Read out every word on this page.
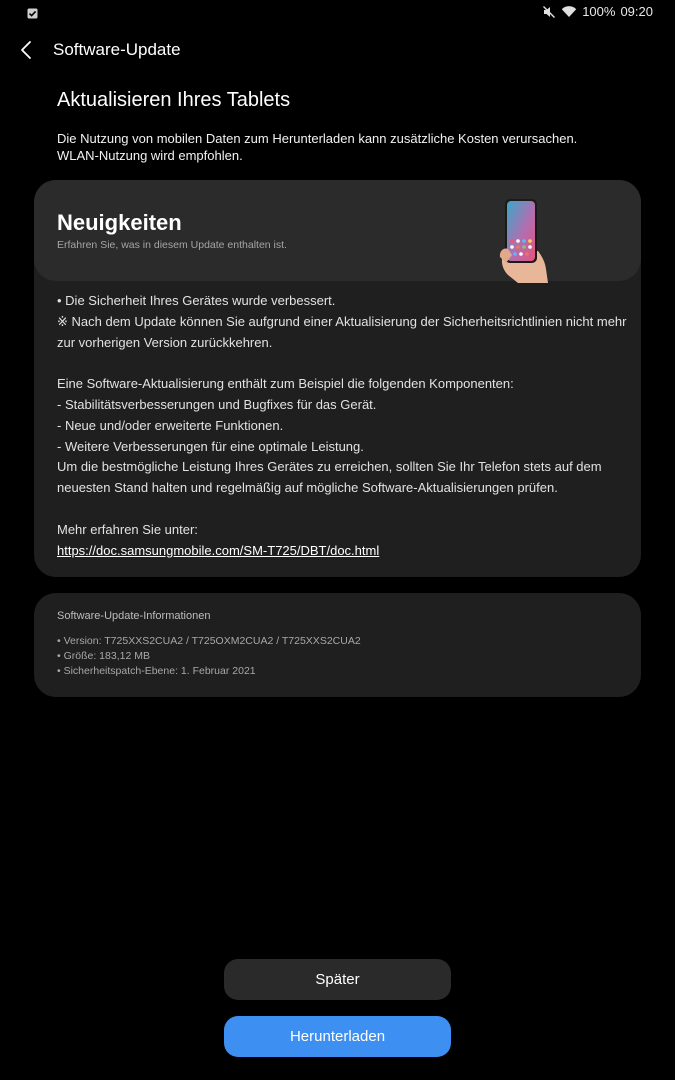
100% 09:20
Software-Update
Aktualisieren Ihres Tablets
Die Nutzung von mobilen Daten zum Herunterladen kann zusätzliche Kosten verursachen.
WLAN-Nutzung wird empfohlen.
Neuigkeiten
Erfahren Sie, was in diesem Update enthalten ist.

• Die Sicherheit Ihres Gerätes wurde verbessert.

※ Nach dem Update können Sie aufgrund einer Aktualisierung der Sicherheitsrichtlinien nicht mehr zur vorherigen Version zurückkehren.

Eine Software-Aktualisierung enthält zum Beispiel die folgenden Komponenten:

- Stabilitätsverbesserungen und Bugfixes für das Gerät.

- Neue und/oder erweiterte Funktionen.

- Weitere Verbesserungen für eine optimale Leistung.

Um die bestmögliche Leistung Ihres Gerätes zu erreichen, sollten Sie Ihr Telefon stets auf dem neuesten Stand halten und regelmäßig auf mögliche Software-Aktualisierungen prüfen.

Mehr erfahren Sie unter:

https://doc.samsungmobile.com/SM-T725/DBT/doc.html

Software-Update-Informationen
• Version: T725XXS2CUA2 / T725OXM2CUA2 / T725XXS2CUA2
• Größe: 183,12 MB
• Sicherheitspatch-Ebene: 1. Februar 2021
Später
Herunterladen
